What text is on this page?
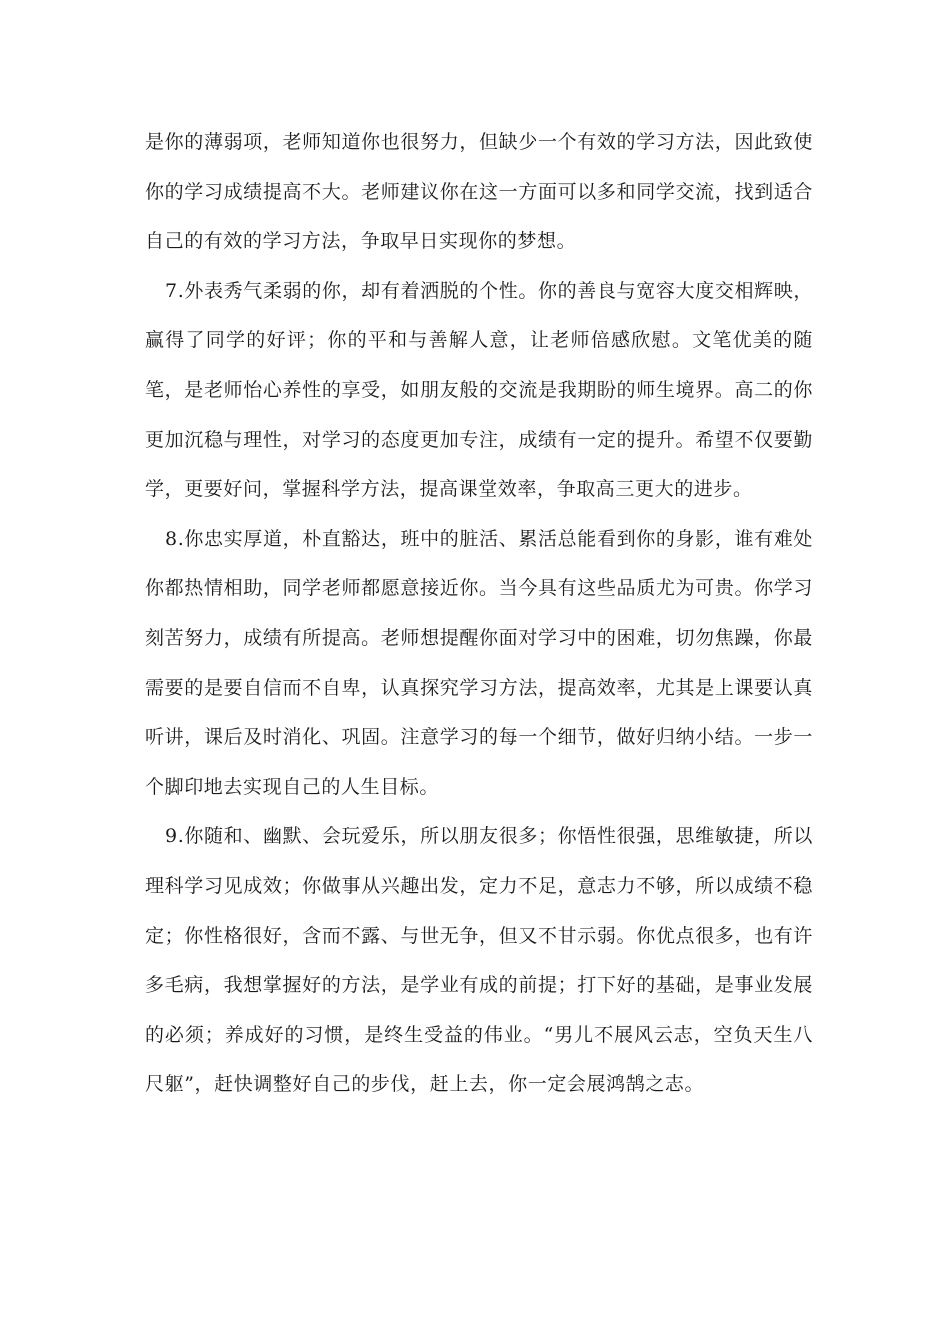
是你的薄弱项，老师知道你也很努力，但缺少一个有效的学习方法，因此致使你的学习成绩提高不大。老师建议你在这一方面可以多和同学交流，找到适合自己的有效的学习方法，争取早日实现你的梦想。

7.外表秀气柔弱的你，却有着洒脱的个性。你的善良与宽容大度交相辉映，赢得了同学的好评；你的平和与善解人意，让老师倍感欣慰。文笔优美的随笔，是老师怡心养性的享受，如朋友般的交流是我期盼的师生境界。高二的你更加沉稳与理性，对学习的态度更加专注，成绩有一定的提升。希望不仅要勤学，更要好问，掌握科学方法，提高课堂效率，争取高三更大的进步。

8.你忠实厚道，朴直豁达，班中的脏活、累活总能看到你的身影，谁有难处你都热情相助，同学老师都愿意接近你。当今具有这些品质尤为可贵。你学习刻苦努力，成绩有所提高。老师想提醒你面对学习中的困难，切勿焦躁，你最需要的是要自信而不自卑，认真探究学习方法，提高效率，尤其是上课要认真听讲，课后及时消化、巩固。注意学习的每一个细节，做好归纳小结。一步一个脚印地去实现自己的人生目标。

9.你随和、幽默、会玩爱乐，所以朋友很多；你悟性很强，思维敏捷，所以理科学习见成效；你做事从兴趣出发，定力不足，意志力不够，所以成绩不稳定；你性格很好，含而不露、与世无争，但又不甘示弱。你优点很多，也有许多毛病，我想掌握好的方法，是学业有成的前提；打下好的基础，是事业发展的必须；养成好的习惯，是终生受益的伟业。“男儿不展风云志，空负天生八尺躯”，赶快调整好自己的步伐，赶上去，你一定会展鸿鹄之志。
